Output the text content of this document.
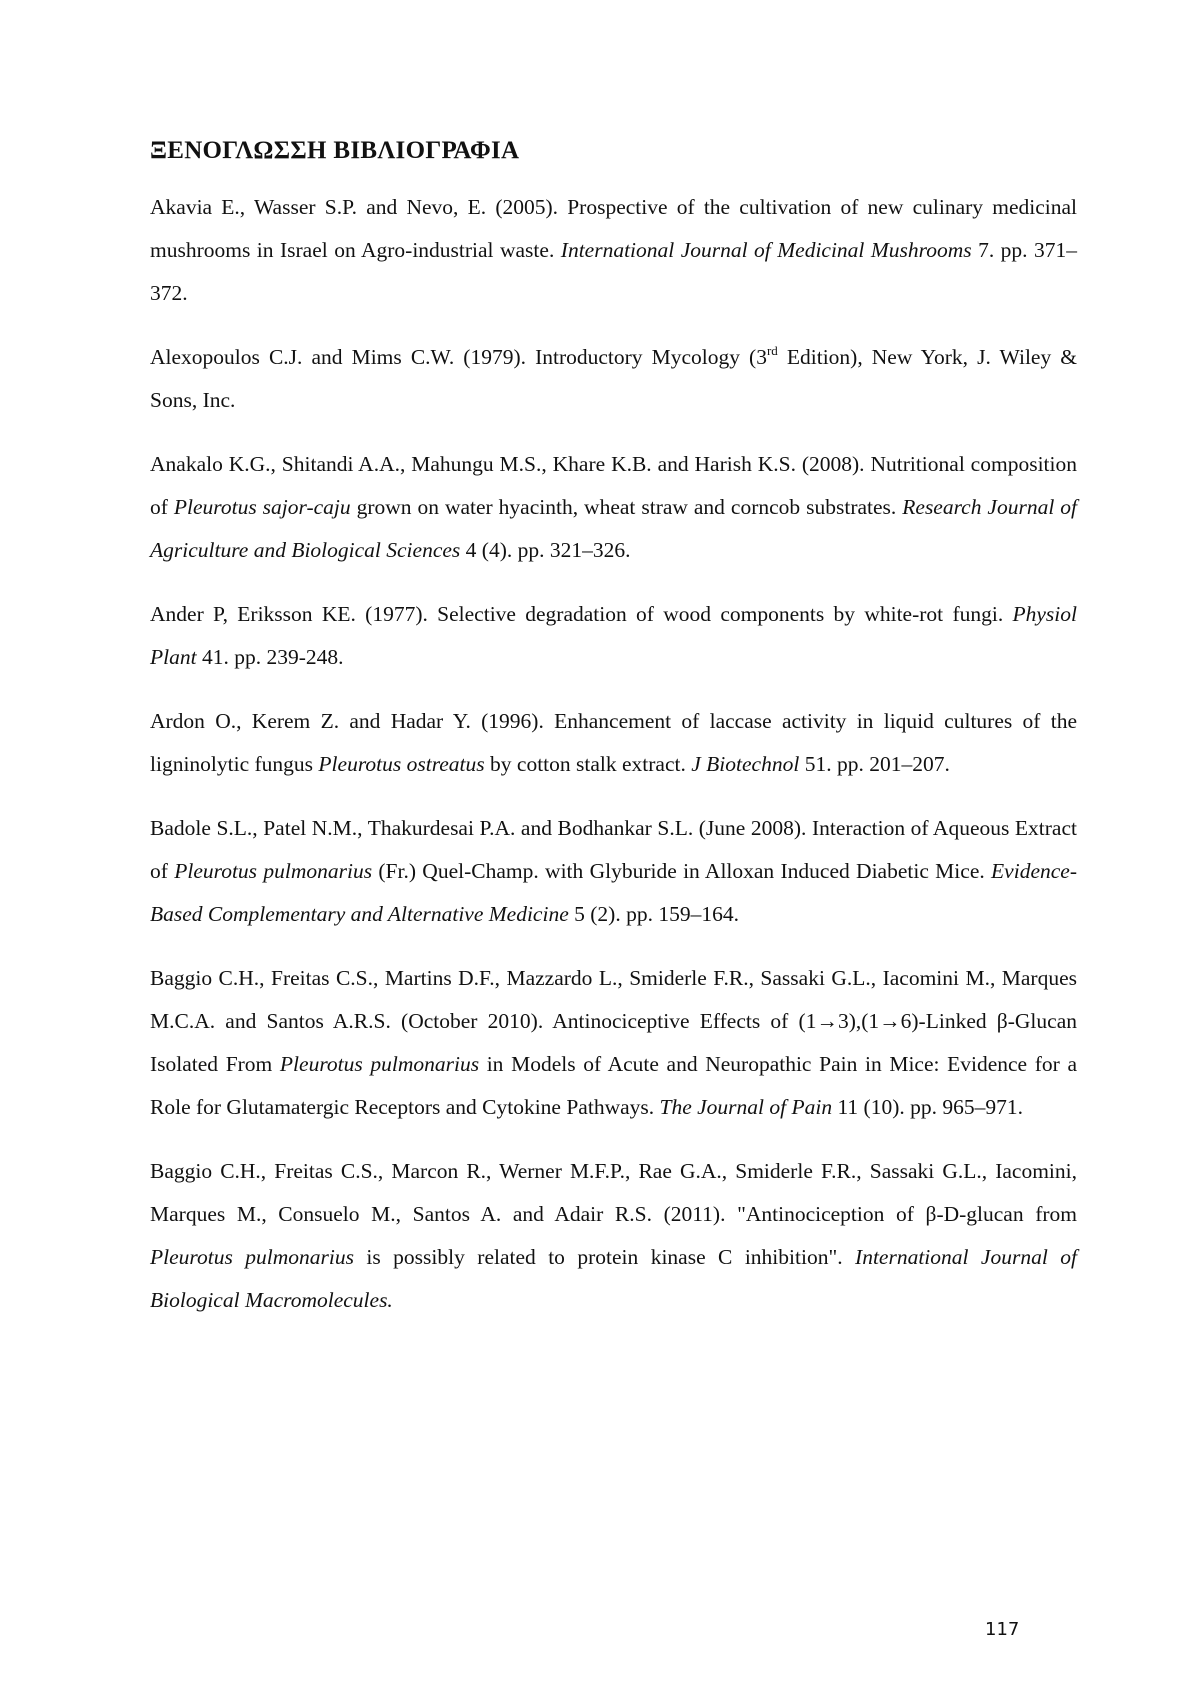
ΞΕΝΟΓΛΩΣΣΗ ΒΙΒΛΙΟΓΡΑΦΙΑ

Akavia E., Wasser S.P. and Nevo, E. (2005). Prospective of the cultivation of new culinary medicinal mushrooms in Israel on Agro-industrial waste. International Journal of Medicinal Mushrooms 7. pp. 371–372.

Alexopoulos C.J. and Mims C.W. (1979). Introductory Mycology (3rd Edition), New York, J. Wiley & Sons, Inc.

Anakalo K.G., Shitandi A.A., Mahungu M.S., Khare K.B. and Harish K.S. (2008). Nutritional composition of Pleurotus sajor-caju grown on water hyacinth, wheat straw and corncob substrates. Research Journal of Agriculture and Biological Sciences 4 (4). pp. 321–326.

Ander P, Eriksson KE. (1977). Selective degradation of wood components by white-rot fungi. Physiol Plant 41. pp. 239-248.

Ardon O., Kerem Z. and Hadar Y. (1996). Enhancement of laccase activity in liquid cultures of the ligninolytic fungus Pleurotus ostreatus by cotton stalk extract. J Biotechnol 51. pp. 201–207.

Badole S.L., Patel N.M., Thakurdesai P.A. and Bodhankar S.L. (June 2008). Interaction of Aqueous Extract of Pleurotus pulmonarius (Fr.) Quel-Champ. with Glyburide in Alloxan Induced Diabetic Mice. Evidence-Based Complementary and Alternative Medicine 5 (2). pp. 159–164.

Baggio C.H., Freitas C.S., Martins D.F., Mazzardo L., Smiderle F.R., Sassaki G.L., Iacomini M., Marques M.C.A. and Santos A.R.S. (October 2010). Antinociceptive Effects of (1→3),(1→6)-Linked β-Glucan Isolated From Pleurotus pulmonarius in Models of Acute and Neuropathic Pain in Mice: Evidence for a Role for Glutamatergic Receptors and Cytokine Pathways. The Journal of Pain 11 (10). pp. 965–971.

Baggio C.H., Freitas C.S., Marcon R., Werner M.F.P., Rae G.A., Smiderle F.R., Sassaki G.L., Iacomini, Marques M., Consuelo M., Santos A. and Adair R.S. (2011). "Antinociception of β-D-glucan from Pleurotus pulmonarius is possibly related to protein kinase C inhibition". International Journal of Biological Macromolecules.

117
